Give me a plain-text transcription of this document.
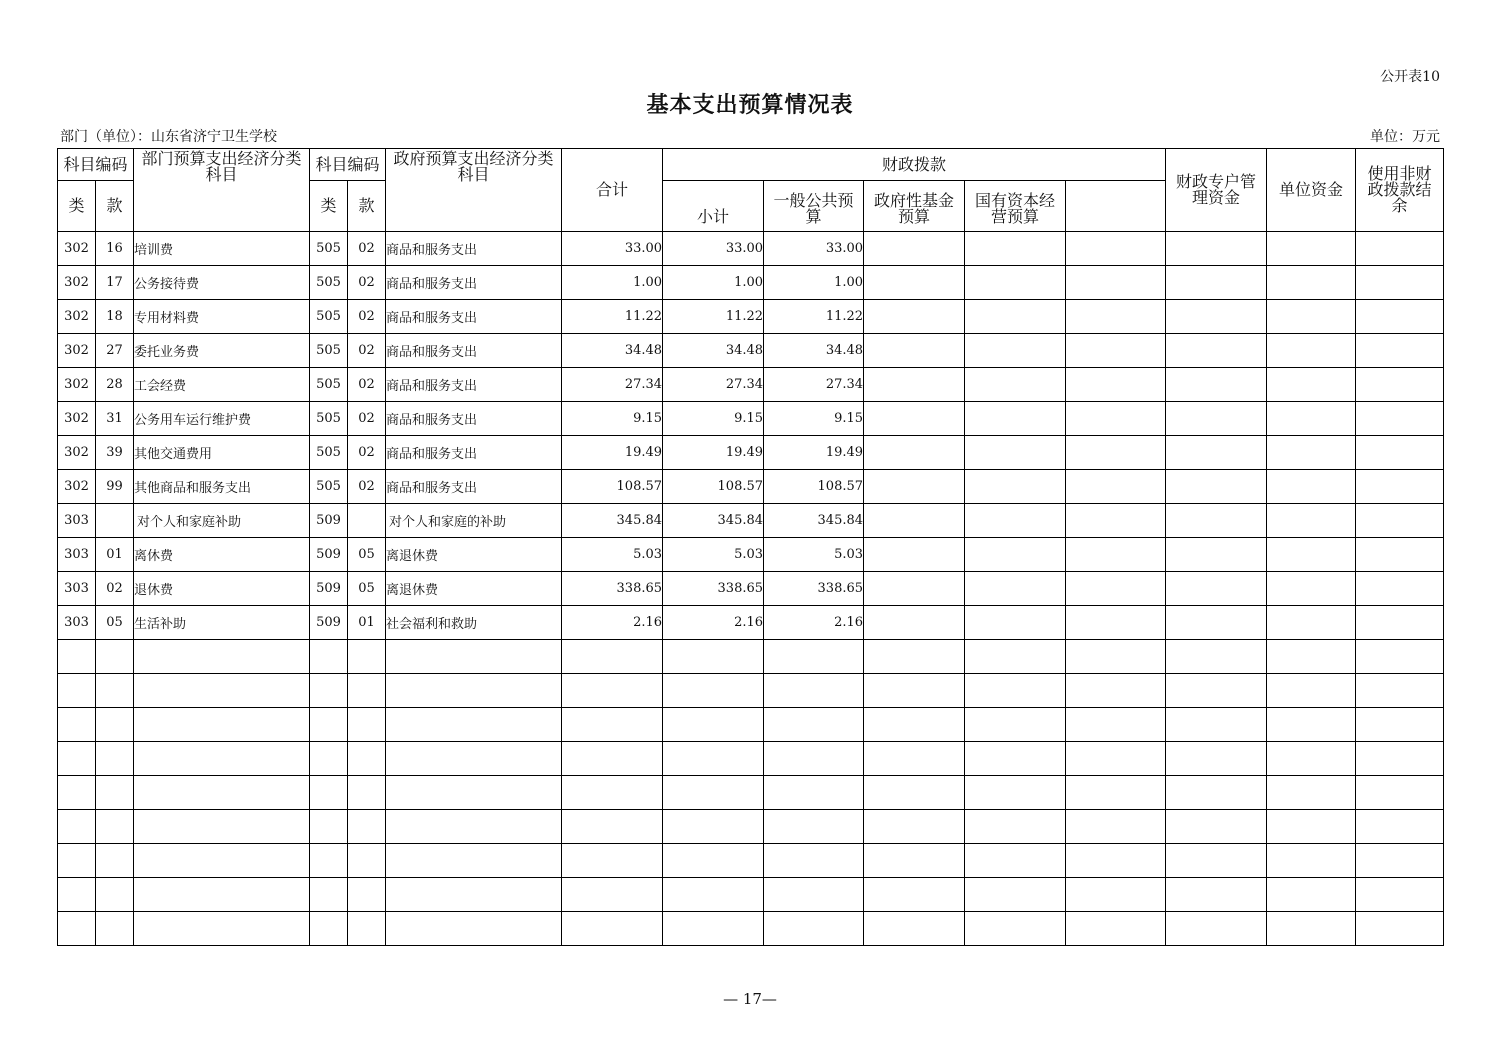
公开表10
基本支出预算情况表
部门（单位）：山东省济宁卫生学校	单位：万元
科目编码		部门预算支出经济分类科目	科目编码		政府预算支出经济分类科目	合计	财政拨款					财政专户管理资金	单位资金	使用非财政拨款结余	
类	款		类	款			小计	一般公共预算	政府性基金预算	国有资本经营预算					
302	16	培训费	505	02	商品和服务支出	33.00	33.00	33.00							
302	17	公务接待费	505	02	商品和服务支出	1.00	1.00	1.00							
302	18	专用材料费	505	02	商品和服务支出	11.22	11.22	11.22							
302	27	委托业务费	505	02	商品和服务支出	34.48	34.48	34.48							
302	28	工会经费	505	02	商品和服务支出	27.34	27.34	27.34							
302	31	公务用车运行维护费	505	02	商品和服务支出	9.15	9.15	9.15							
302	39	其他交通费用	505	02	商品和服务支出	19.49	19.49	19.49							
302	99	其他商品和服务支出	505	02	商品和服务支出	108.57	108.57	108.57							
303		对个人和家庭补助	509		对个人和家庭的补助	345.84	345.84	345.84							
303	01	离休费	509	05	离退休费	5.03	5.03	5.03							
303	02	退休费	509	05	离退休费	338.65	338.65	338.65							
303	05	生活补助	509	01	社会福利和救助	2.16	2.16	2.16							

— 17—
